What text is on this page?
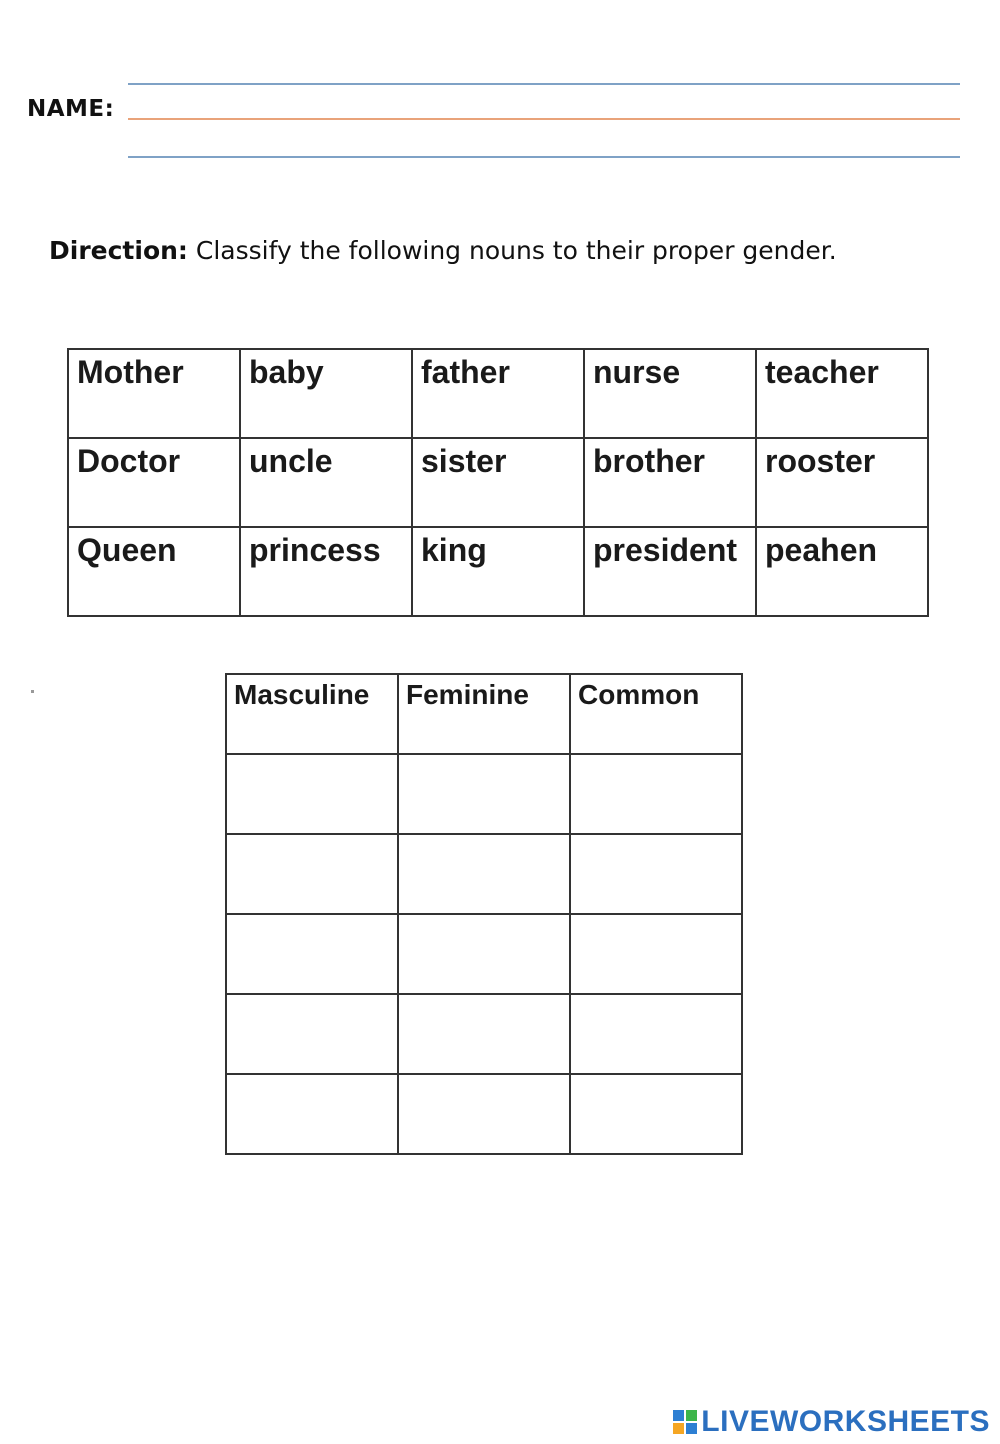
NAME:
Direction: Classify the following nouns to their proper gender.
Mother	baby	father	nurse	teacher

Doctor	uncle	sister	brother	rooster

Queen	princess	king	president	peahen
Masculine	Feminine	Common

LIVEWORKSHEETS
